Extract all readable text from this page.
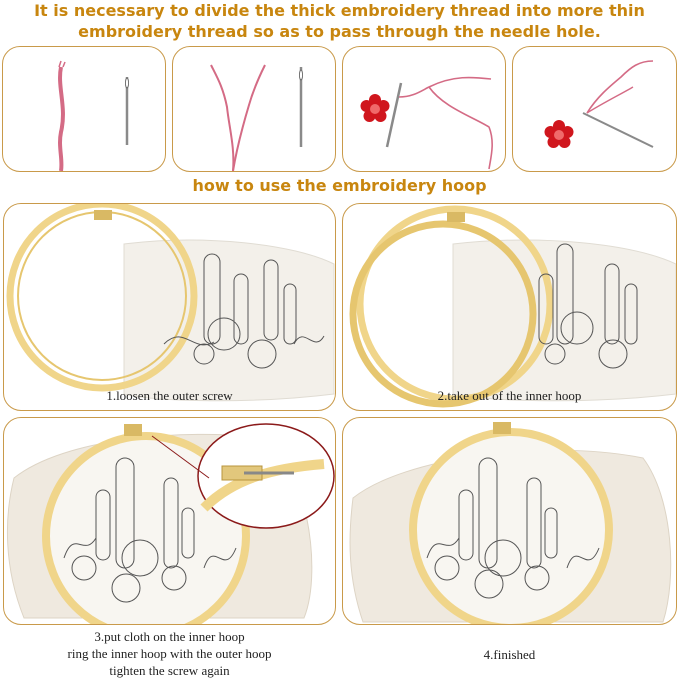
It is necessary to divide the thick embroidery thread into more thin
embroidery thread so as to pass through the needle hole.
how to use the embroidery hoop
1.loosen the outer screw	2.take out of the inner hoop
3.put cloth on the inner hoop
ring the inner hoop with the outer hoop
tighten the screw again
4.finished
